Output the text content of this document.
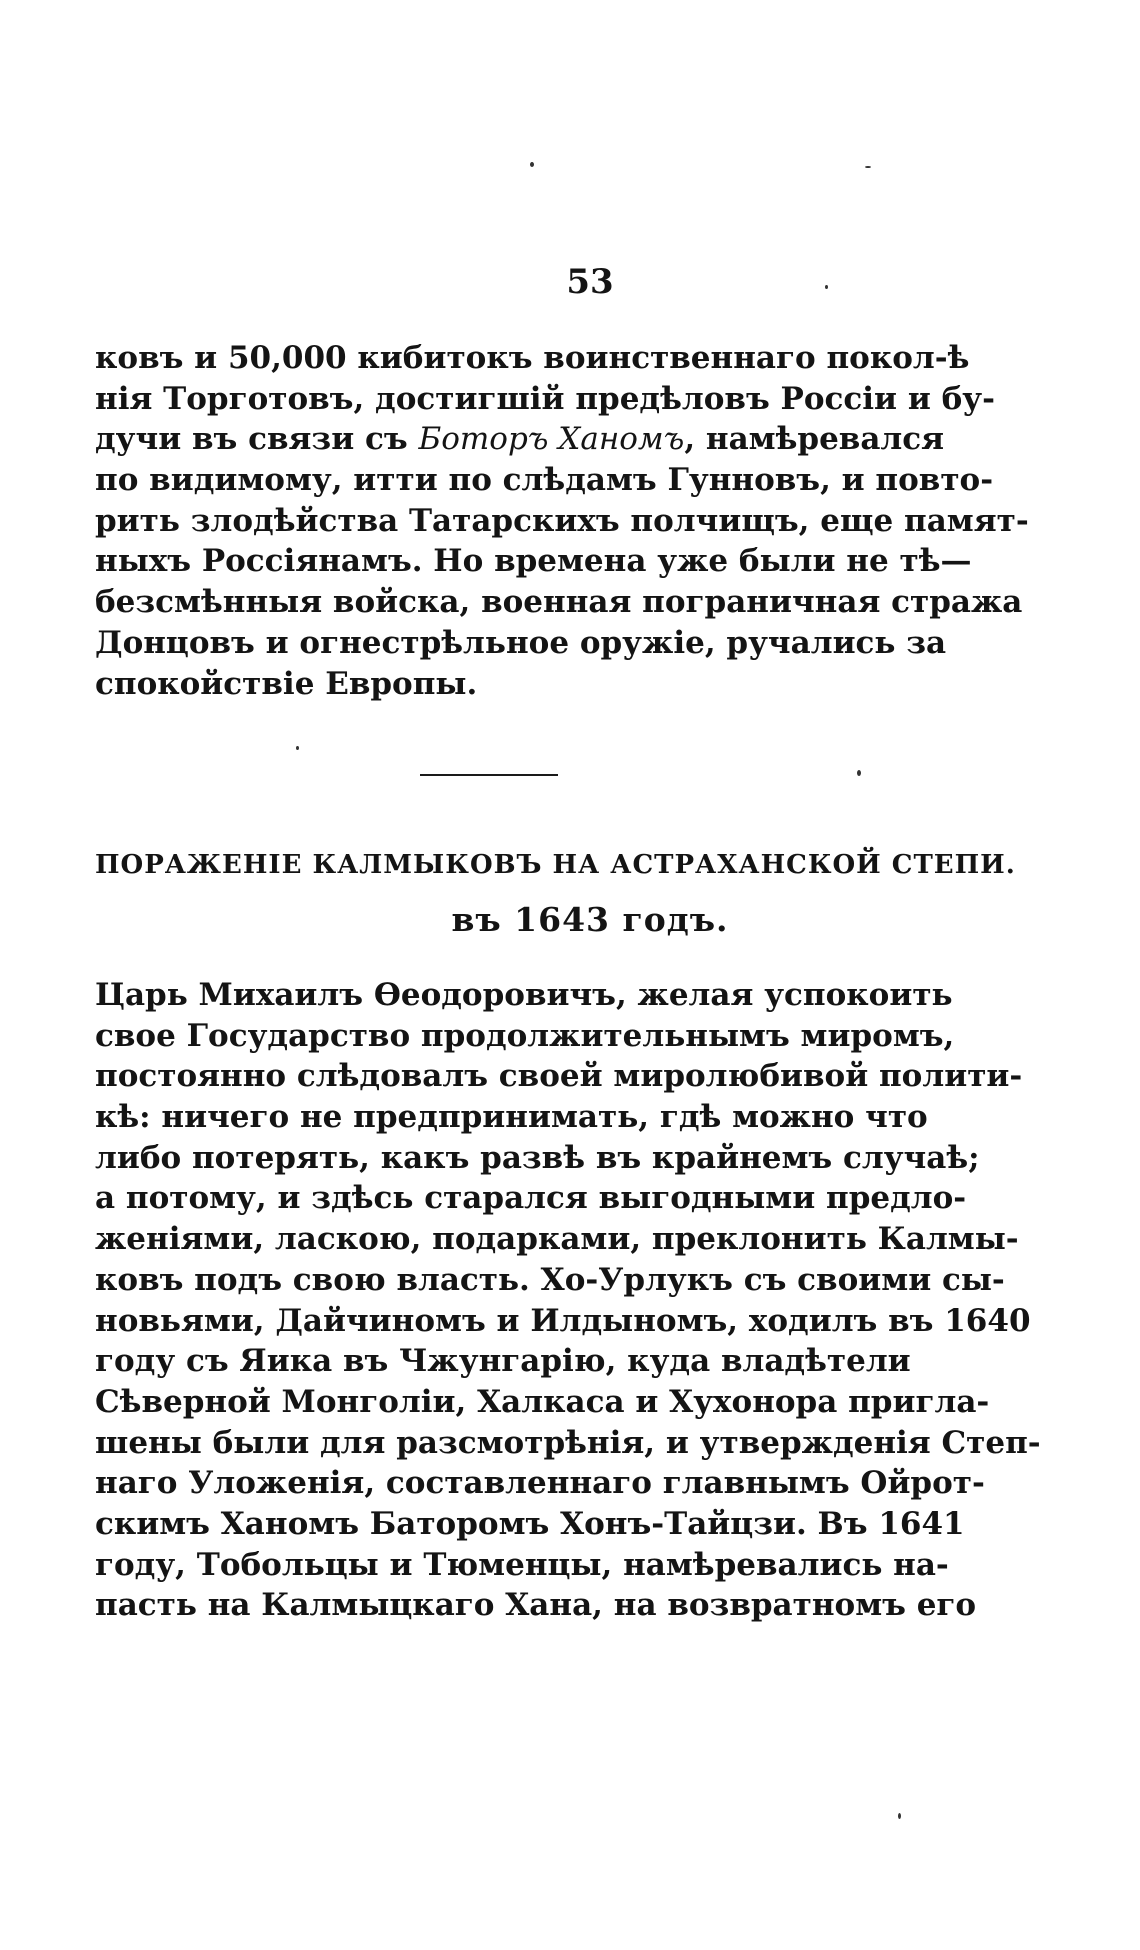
53
ковъ и 50,000 кибитокъ воинственнаго покол-ѣ
нія Торготовъ, достигшій предѣловъ Россіи и бу-
дучи въ связи съ Боторъ Ханомъ, намѣревался
по видимому, итти по слѣдамъ Гунновъ, и повто-
рить злодѣйства Татарскихъ полчищъ, еще памят-
ныхъ Россіянамъ. Но времена уже были не тѣ—
безсмѣнныя войска, военная пограничная стража
Донцовъ и огнестрѣльное оружіе, ручались за
спокойствіе Европы.
ПОРАЖЕНІЕ КАЛМЫКОВЪ НА АСТРАХАНСКОЙ СТЕПИ.
въ 1643 годъ.
Царь Михаилъ Ѳеодоровичъ, желая успокоить
свое Государство продолжительнымъ миромъ,
постоянно слѣдовалъ своей миролюбивой полити-
кѣ: ничего не предпринимать, гдѣ можно что
либо потерять, какъ развѣ въ крайнемъ случаѣ;
а потому, и здѣсь старался выгодными предло-
женіями, ласкою, подарками, преклонить Калмы-
ковъ подъ свою власть. Хо-Урлукъ съ своими сы-
новьями, Дайчиномъ и Илдыномъ, ходилъ въ 1640
году съ Яика въ Чжунгарію, куда владѣтели
Сѣверной Монголіи, Халкаса и Хухонора пригла-
шены были для разсмотрѣнія, и утвержденія Степ-
наго Уложенія, составленнаго главнымъ Ойрот-
скимъ Ханомъ Баторомъ Хонъ-Тайцзи. Въ 1641
году, Тобольцы и Тюменцы, намѣревались на-
пасть на Калмыцкаго Хана, на возвратномъ его
